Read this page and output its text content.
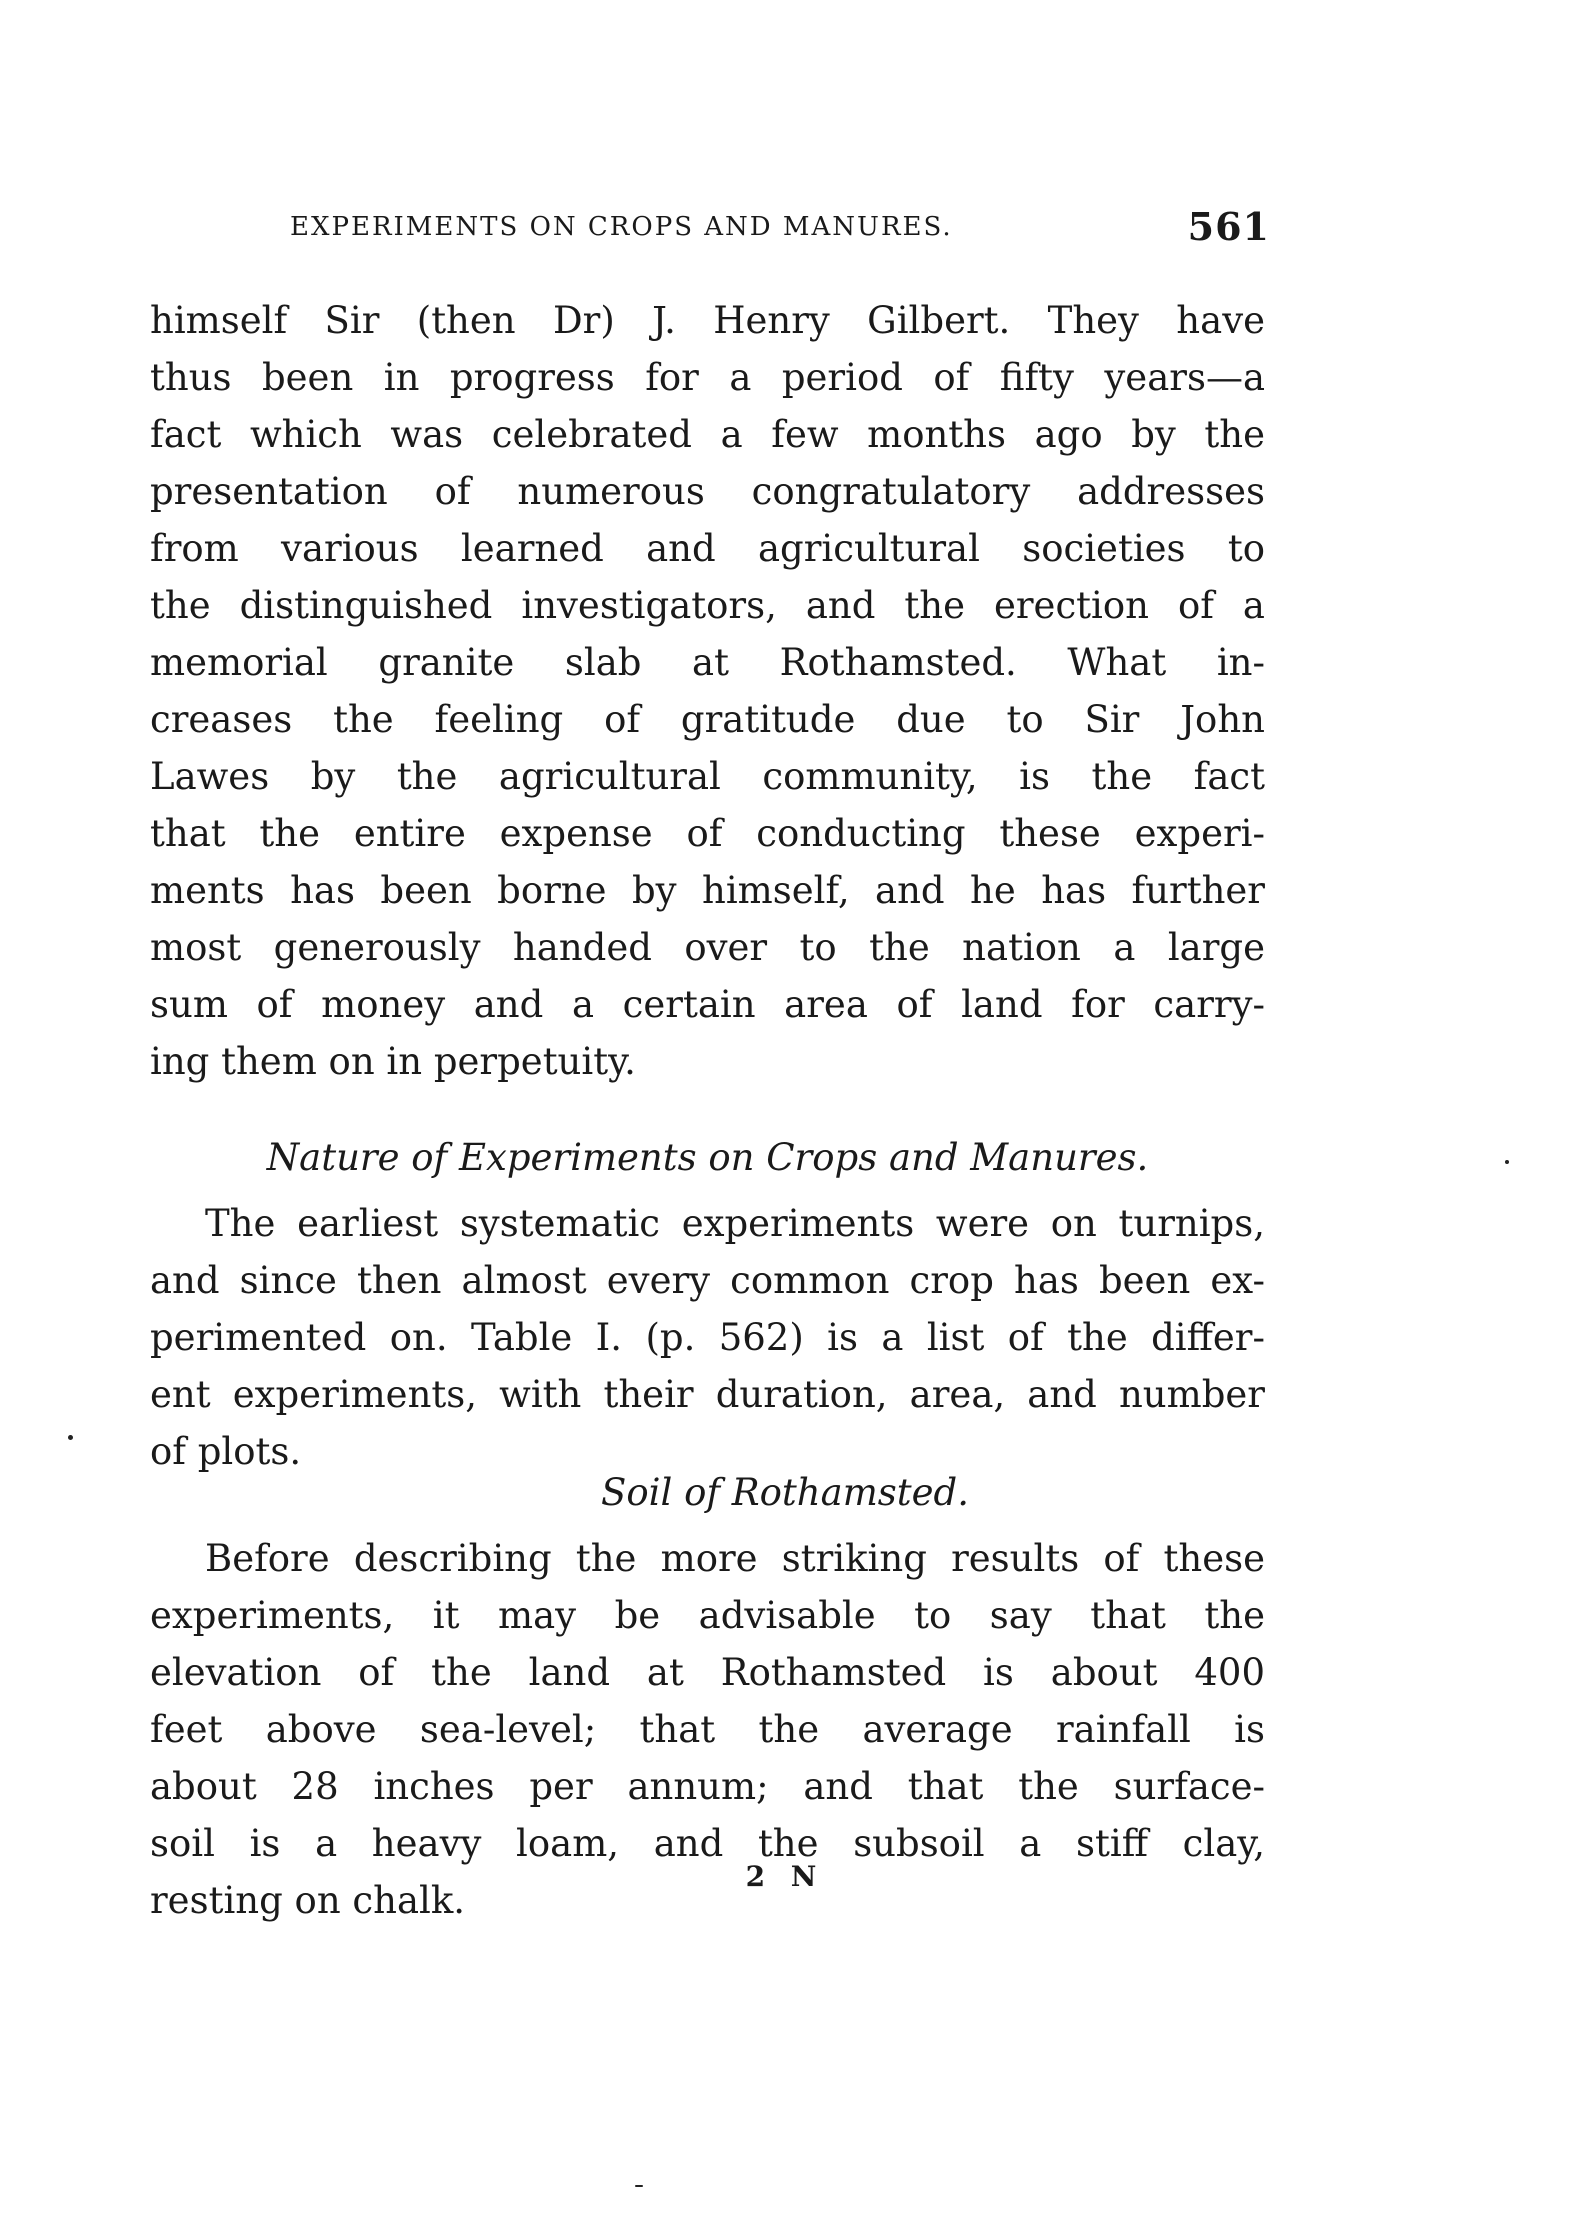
EXPERIMENTS ON CROPS AND MANURES.	561
himself Sir (then Dr) J. Henry Gilbert. They have
thus been in progress for a period of fifty years—a
fact which was celebrated a few months ago by the
presentation of numerous congratulatory addresses
from various learned and agricultural societies to
the distinguished investigators, and the erection of a
memorial granite slab at Rothamsted. What in-
creases the feeling of gratitude due to Sir John
Lawes by the agricultural community, is the fact
that the entire expense of conducting these experi-
ments has been borne by himself, and he has further
most generously handed over to the nation a large
sum of money and a certain area of land for carry-
ing them on in perpetuity.
Nature of Experiments on Crops and Manures.
The earliest systematic experiments were on turnips,
and since then almost every common crop has been ex-
perimented on. Table I. (p. 562) is a list of the differ-
ent experiments, with their duration, area, and number
of plots.
Soil of Rothamsted.
Before describing the more striking results of these
experiments, it may be advisable to say that the
elevation of the land at Rothamsted is about 400
feet above sea-level; that the average rainfall is
about 28 inches per annum; and that the surface-
soil is a heavy loam, and the subsoil a stiff clay,
resting on chalk.
2 N
